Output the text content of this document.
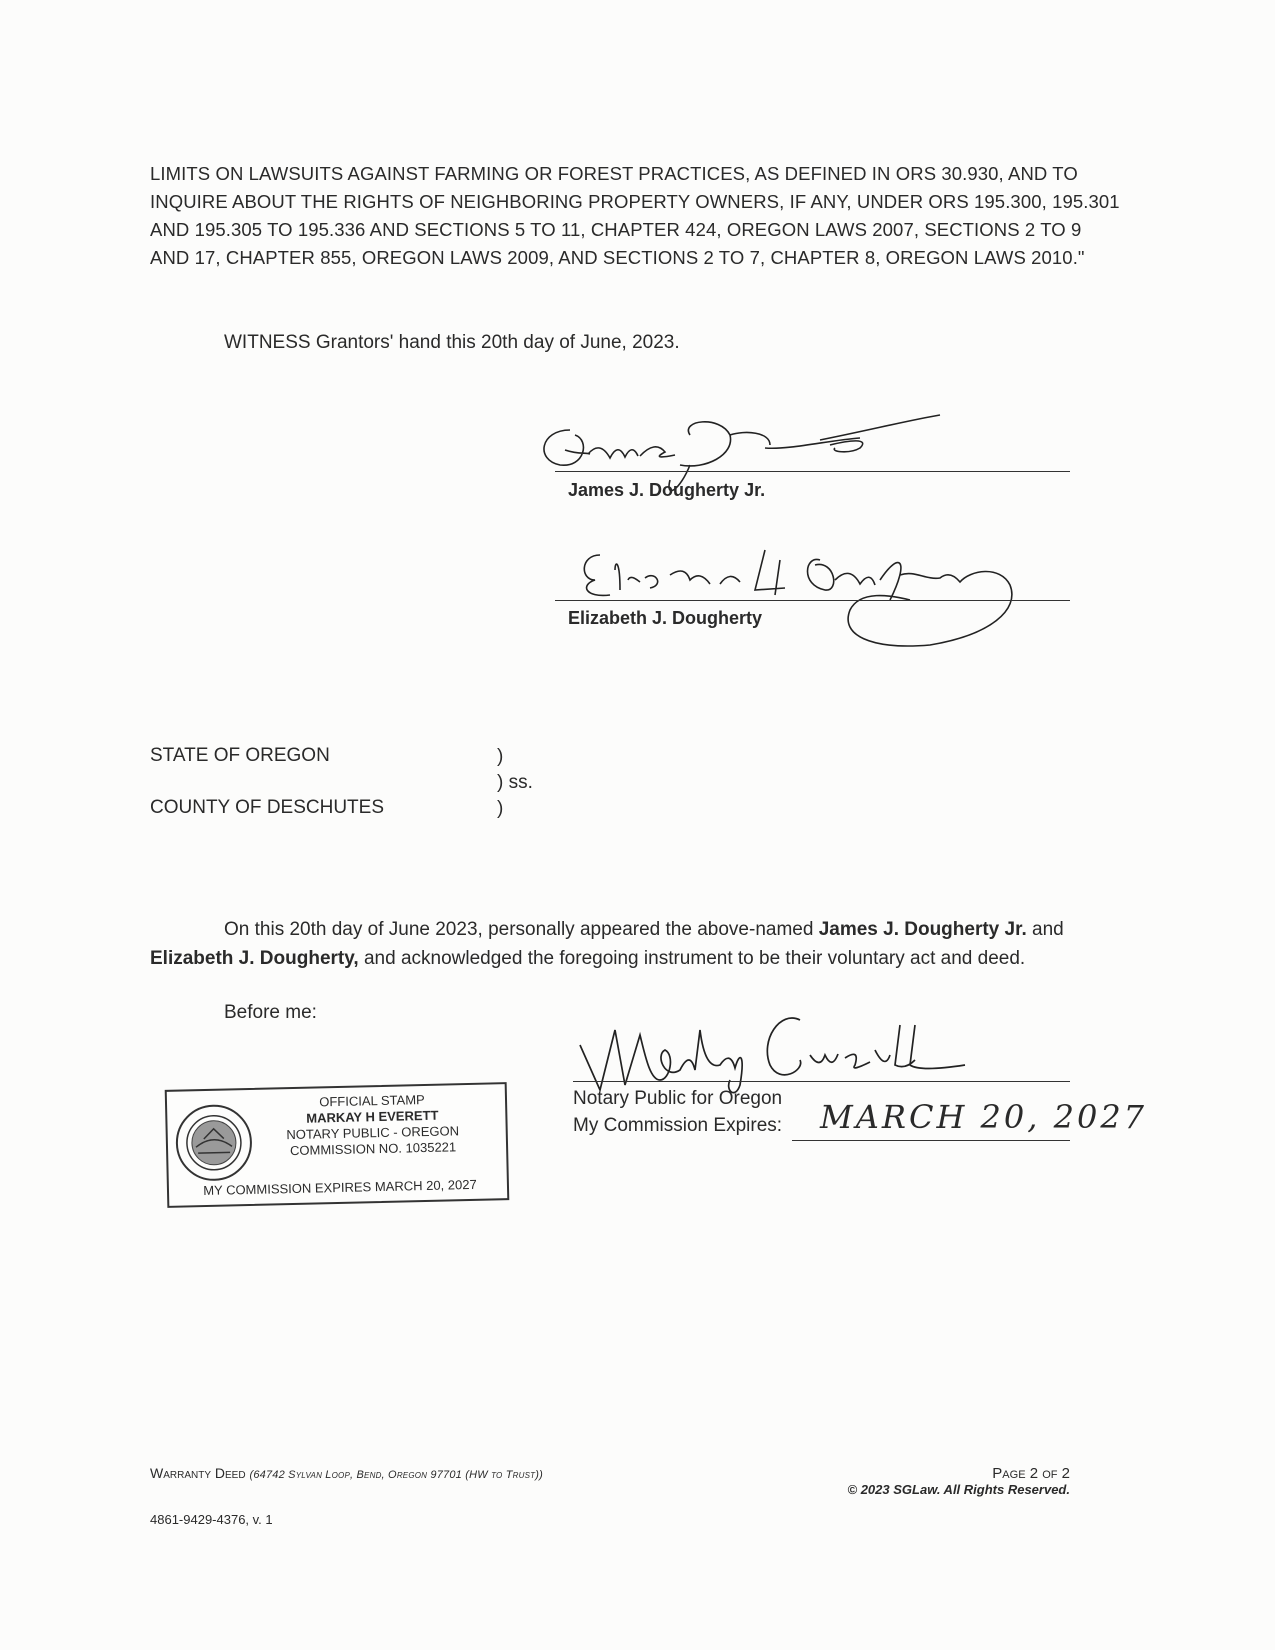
LIMITS ON LAWSUITS AGAINST FARMING OR FOREST PRACTICES, AS DEFINED IN ORS 30.930, AND TO
INQUIRE ABOUT THE RIGHTS OF NEIGHBORING PROPERTY OWNERS, IF ANY, UNDER ORS 195.300, 195.301
AND 195.305 TO 195.336 AND SECTIONS 5 TO 11, CHAPTER 424, OREGON LAWS 2007, SECTIONS 2 TO 9
AND 17, CHAPTER 855, OREGON LAWS 2009, AND SECTIONS 2 TO 7, CHAPTER 8, OREGON LAWS 2010."
WITNESS Grantors' hand this 20th day of June, 2023.
James J. Dougherty Jr.
Elizabeth J. Dougherty
STATE OF OREGON
COUNTY OF DESCHUTES
)
) ss.
)
On this 20th day of June 2023, personally appeared the above-named James J. Dougherty Jr. and
Elizabeth J. Dougherty, and acknowledged the foregoing instrument to be their voluntary act and deed.
Before me:
OFFICIAL STAMP
MARKAY H EVERETT
NOTARY PUBLIC - OREGON
COMMISSION NO. 1035221
MY COMMISSION EXPIRES MARCH 20, 2027
Notary Public for Oregon
My Commission Expires: MARCH 20, 2027
Warranty Deed (64742 Sylvan Loop, Bend, Oregon 97701 (HW to Trust))	Page 2 of 2
© 2023 SGLaw. All Rights Reserved.
4861-9429-4376, v. 1
